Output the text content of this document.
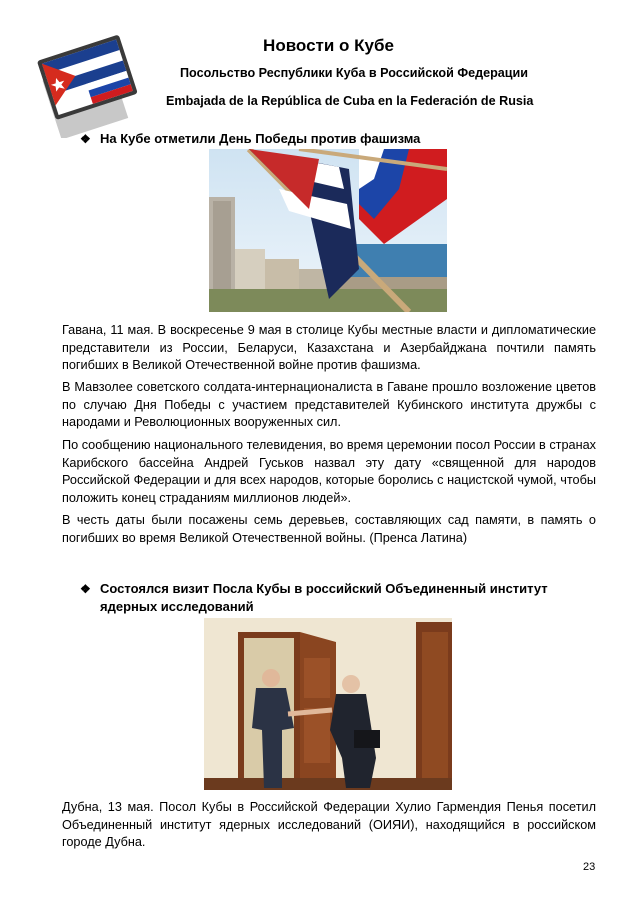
Новости о Кубе
Посольство Республики Куба в Российской Федерации
Embajada de la República de Cuba en la Federación de Rusia
❖ На Кубе отметили День Победы против фашизма

Гавана, 11 мая. В воскресенье 9 мая в столице Кубы местные власти и дипломатические представители из России, Беларуси, Казахстана и Азербайджана почтили память погибших в Великой Отечественной войне против фашизма.

В Мавзолее советского солдата-интернационалиста в Гаване прошло возложение цветов по случаю Дня Победы с участием представителей Кубинского института дружбы с народами и Революционных вооруженных сил.

По сообщению национального телевидения, во время церемонии посол России в странах Карибского бассейна Андрей Гуськов назвал эту дату «священной для народов Российской Федерации и для всех народов, которые боролись с нацистской чумой, чтобы положить конец страданиям миллионов людей».

В честь даты были посажены семь деревьев, составляющих сад памяти, в память о погибших во время Великой Отечественной войны. (Пренса Латина)

❖ Состоялся визит Посла Кубы в российский Объединенный институт
ядерных исследований

Дубна, 13 мая. Посол Кубы в Российской Федерации Хулио Гармендия Пенья посетил Объединенный институт ядерных исследований (ОИЯИ), находящийся в российском городе Дубна.

23
